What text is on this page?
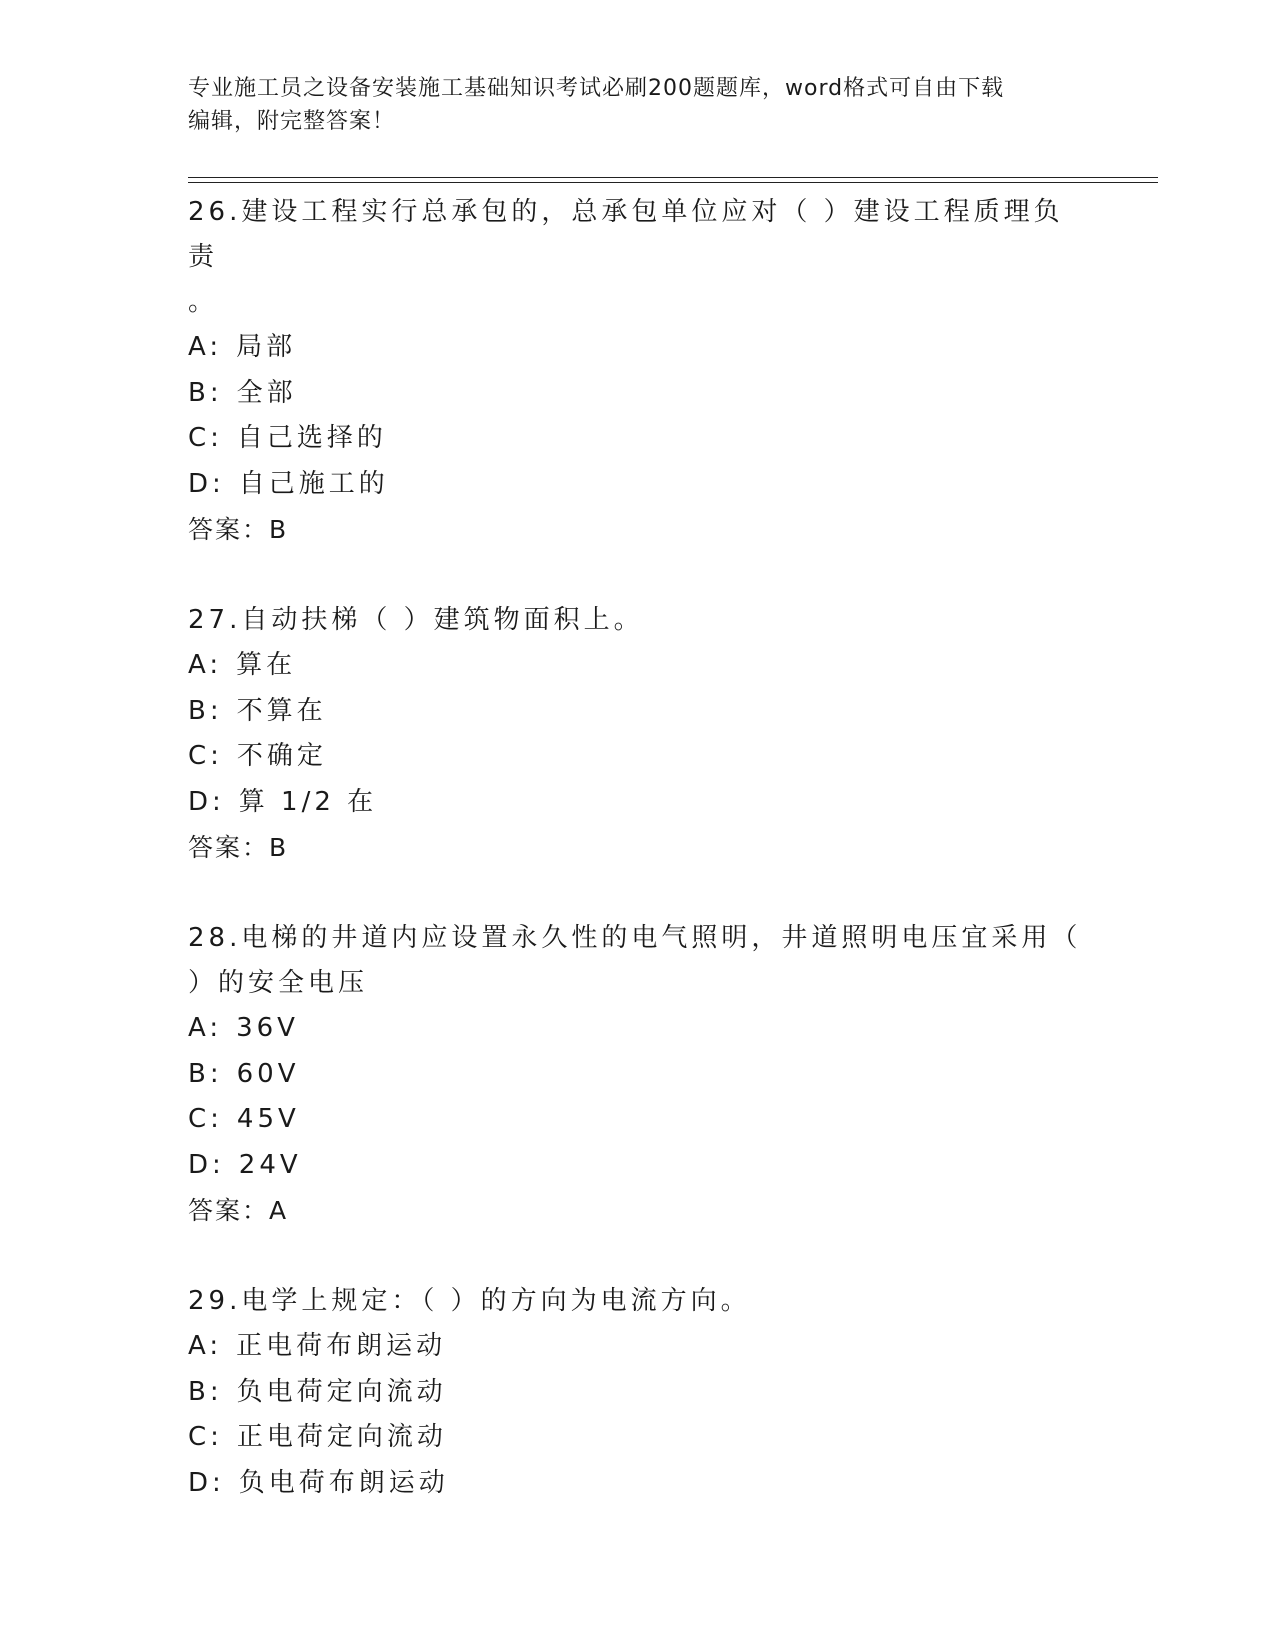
专业施工员之设备安装施工基础知识考试必刷200题题库，word格式可自由下载
编辑，附完整答案！

26.建设工程实行总承包的，总承包单位应对（ ）建设工程质理负责

。

A: 局部
B: 全部
C: 自己选择的
D: 自己施工的

答案：B

27.自动扶梯（ ）建筑物面积上。

A: 算在
B: 不算在
C: 不确定
D: 算 1/2 在

答案：B

28.电梯的井道内应设置永久性的电气照明，井道照明电压宜采用（

）的安全电压

A: 36V
B: 60V
C: 45V
D: 24V

答案：A

29.电学上规定：（ ）的方向为电流方向。

A: 正电荷布朗运动
B: 负电荷定向流动
C: 正电荷定向流动
D: 负电荷布朗运动
